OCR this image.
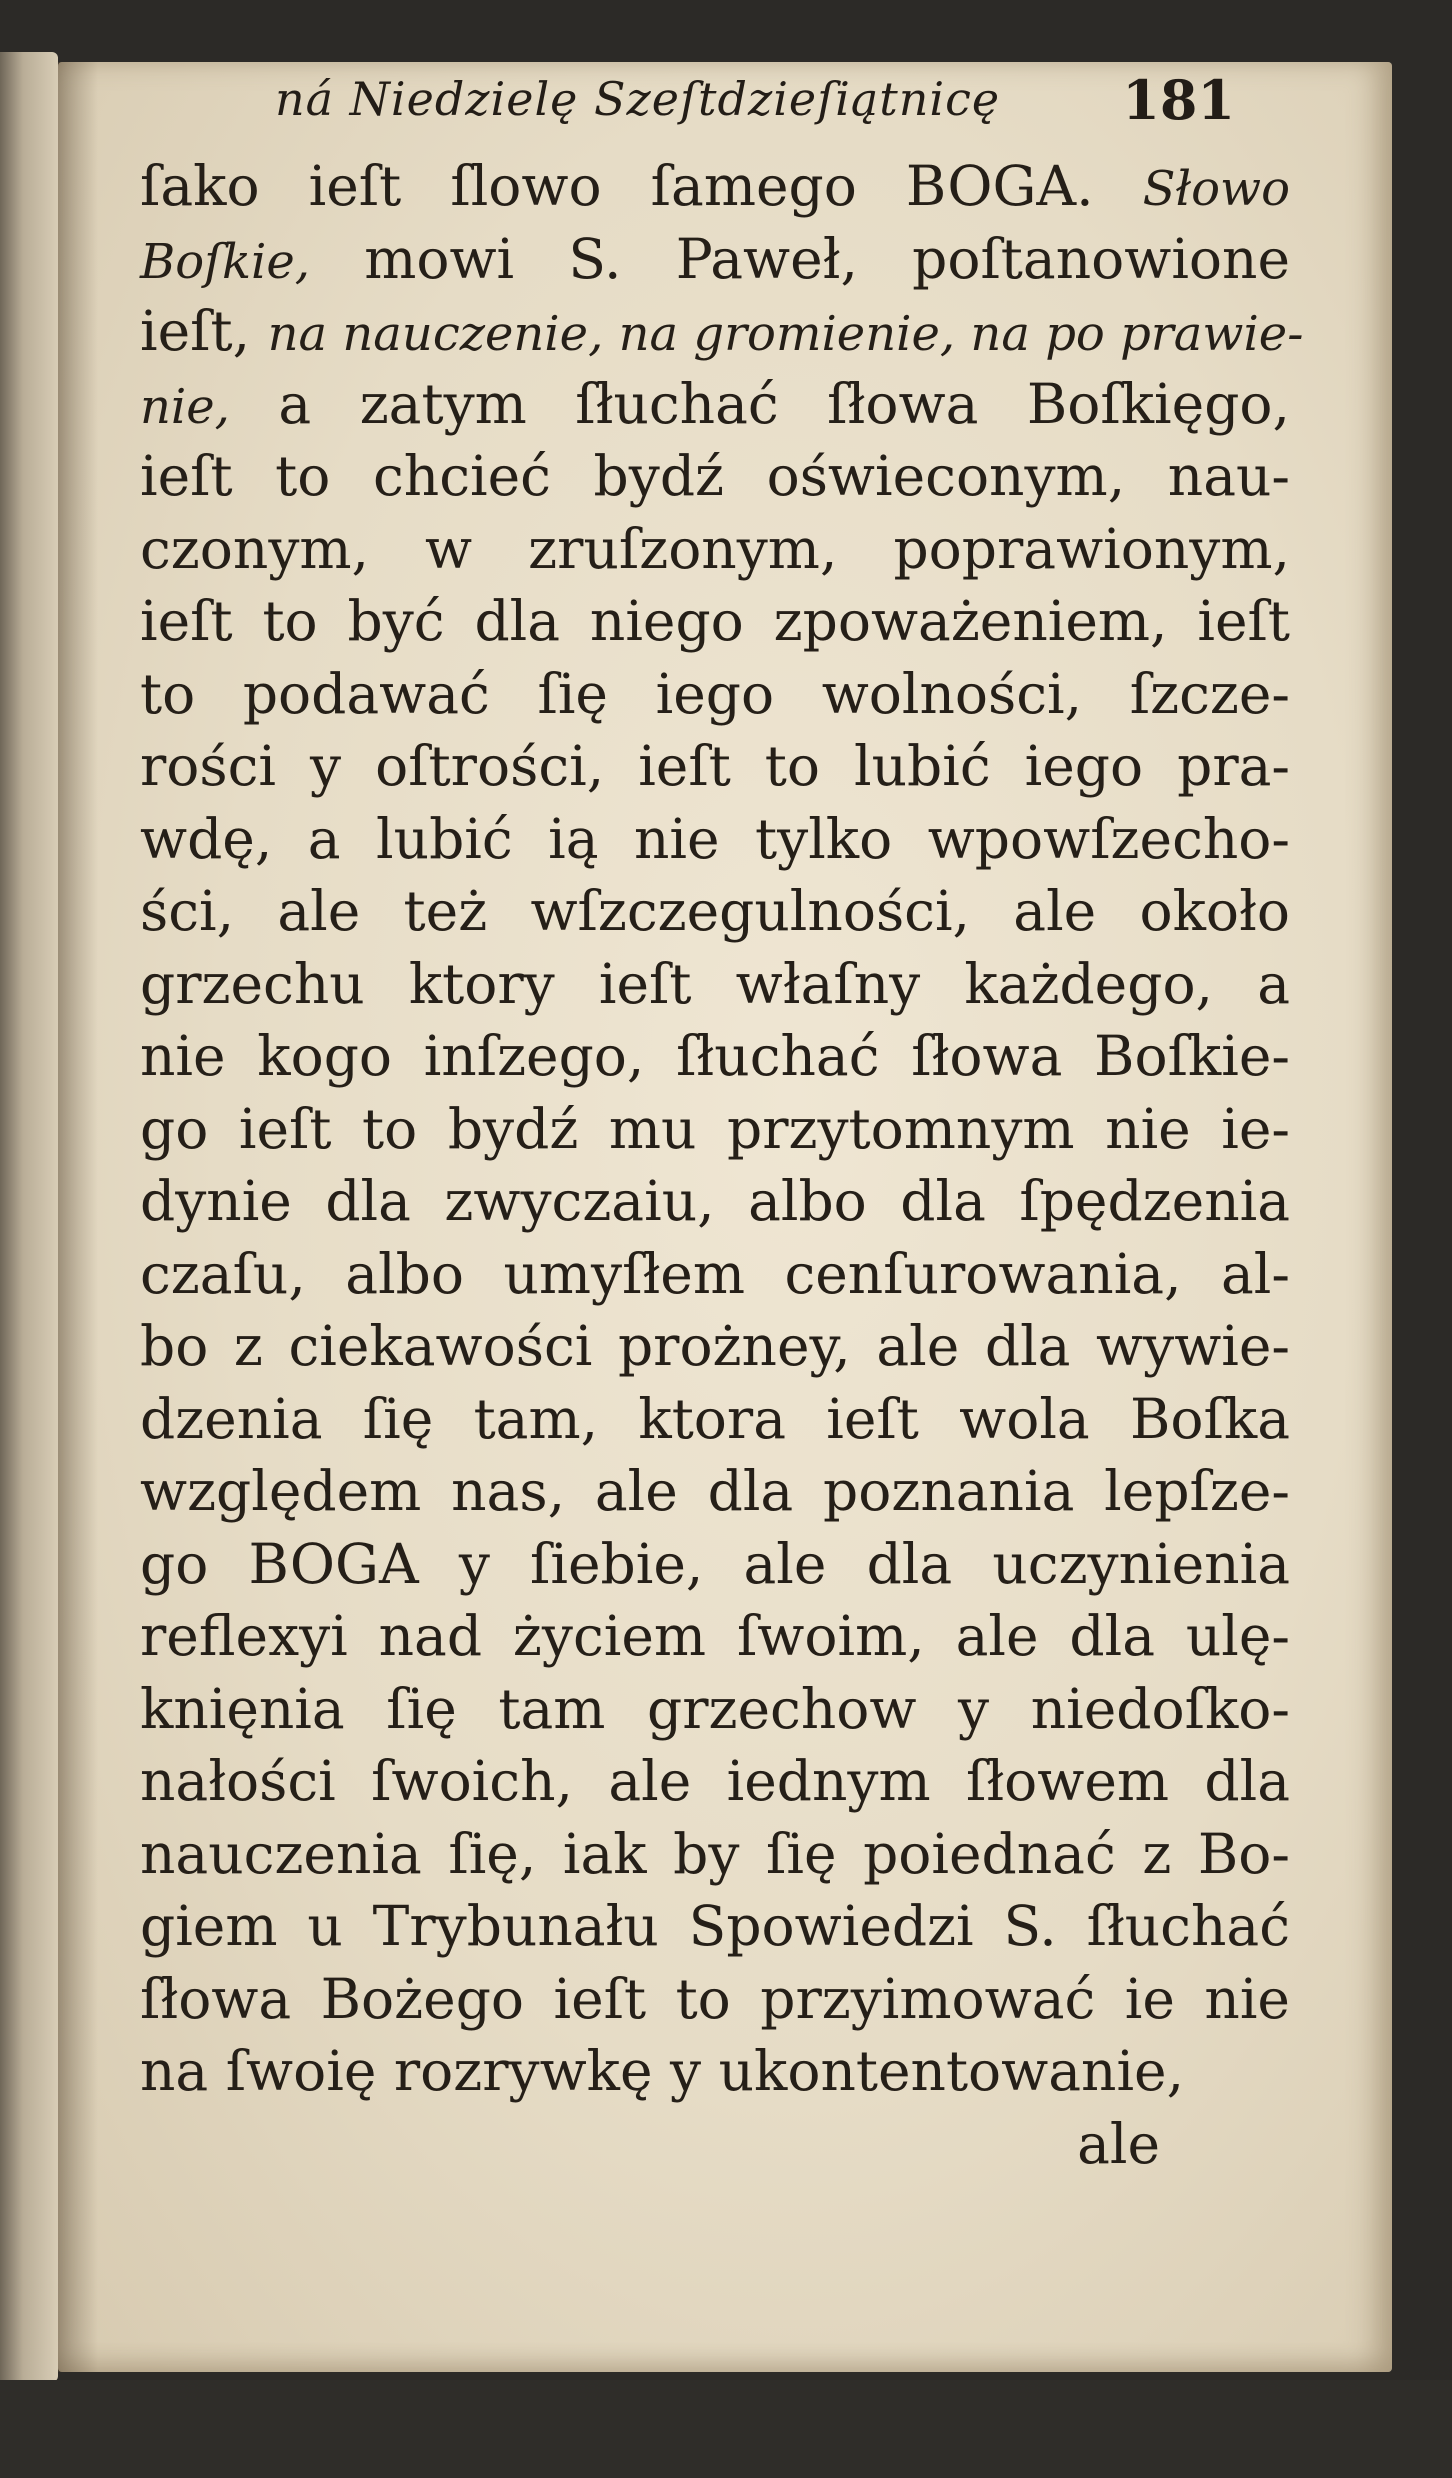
ná Niedzielę Szeſtdzieſiątnicę 181
ſako ieſt ſlowo ſamego BOGA. Słowo
Boſkie, mowi S. Paweł, poſtanowione
ieſt, na nauczenie, na gromienie, na po prawie-
nie, a zatym ſłuchać ſłowa Boſkięgo,
ieſt to chcieć bydź oświeconym, nau-
czonym, w zruſzonym, poprawionym,
ieſt to być dla niego zpoważeniem, ieſt
to podawać ſię iego wolności, ſzcze-
rości y oſtrości, ieſt to lubić iego pra-
wdę, a lubić ią nie tylko wpowſzecho-
ści, ale też wſzczegulności, ale około
grzechu ktory ieſt właſny każdego, a
nie kogo inſzego, ſłuchać ſłowa Boſkie-
go ieſt to bydź mu przytomnym nie ie-
dynie dla zwyczaiu, albo dla ſpędzenia
czaſu, albo umyſłem cenſurowania, al-
bo z ciekawości prożney, ale dla wywie-
dzenia ſię tam, ktora ieſt wola Boſka
względem nas, ale dla poznania lepſze-
go BOGA y ſiebie, ale dla uczynienia
reflexyi nad życiem ſwoim, ale dla ulę-
knięnia ſię tam grzechow y niedoſko-
nałości ſwoich, ale iednym ſłowem dla
nauczenia ſię, iak by ſię poiednać z Bo-
giem u Trybunału Spowiedzi S. ſłuchać
ſłowa Bożego ieſt to przyimować ie nie
na ſwoię rozrywkę y ukontentowanie,
ale
